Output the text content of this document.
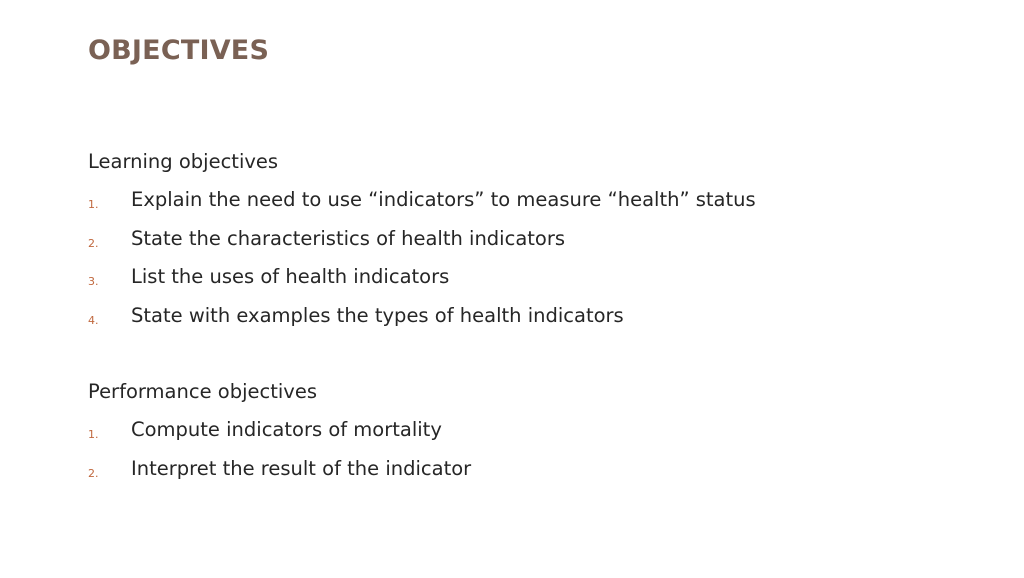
OBJECTIVES
Learning objectives
1. Explain the need to use “indicators” to measure “health” status
2. State the characteristics of health indicators
3. List the uses of health indicators
4. State with examples the types of health indicators
Performance objectives
1. Compute indicators of mortality
2. Interpret the result of the indicator
